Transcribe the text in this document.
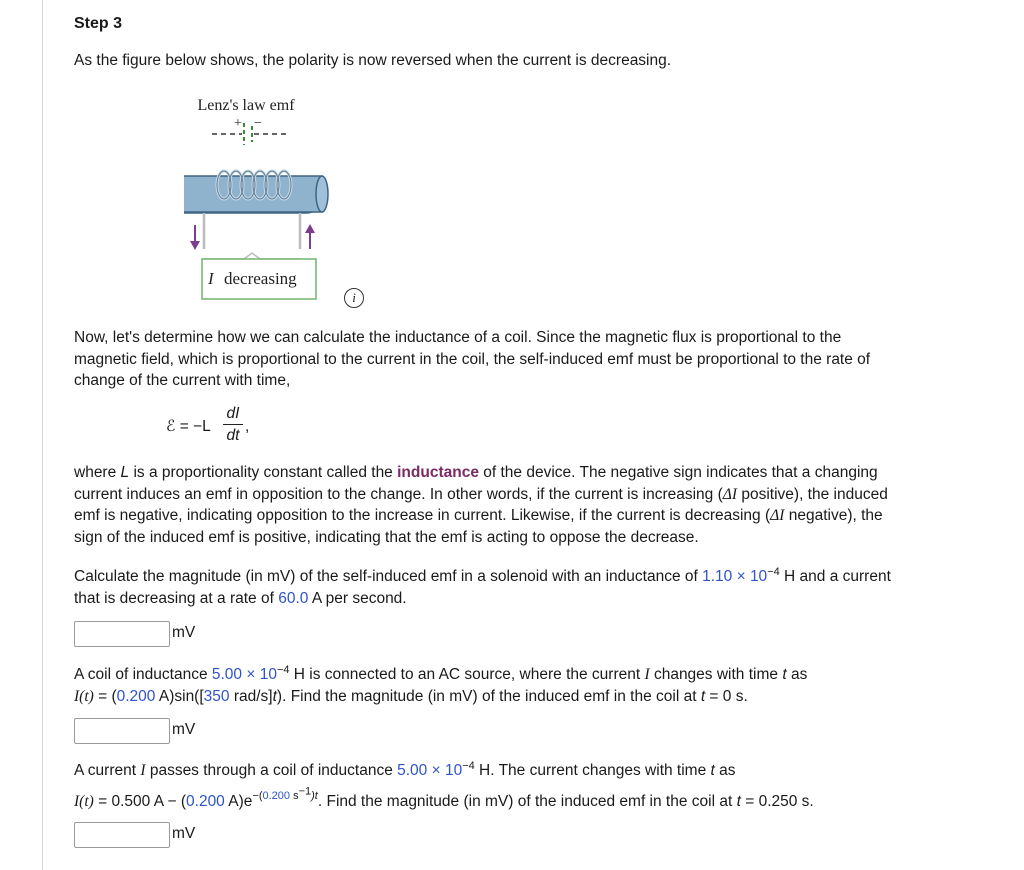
Step 3
As the figure below shows, the polarity is now reversed when the current is decreasing.
Lenz's law emf
+ −
I decreasing
i
Now, let's determine how we can calculate the inductance of a coil. Since the magnetic flux is proportional to the
magnetic field, which is proportional to the current in the coil, the self-induced emf must be proportional to the rate of
change of the current with time,
ℰ = $-L \frac{dI}{dt}$ ,
where L is a proportionality constant called the inductance of the device. The negative sign indicates that a changing
current induces an emf in opposition to the change. In other words, if the current is increasing (ΔI positive), the induced
emf is negative, indicating opposition to the increase in current. Likewise, if the current is decreasing (ΔI negative), the
sign of the induced emf is positive, indicating that the emf is acting to oppose the decrease.
Calculate the magnitude (in mV) of the self-induced emf in a solenoid with an inductance of $1.10 \times 10^{-4}$ H and a current
that is decreasing at a rate of 60.0 A per second.
mV
A coil of inductance $5.00 \times 10^{-4}$ H is connected to an AC source, where the current I changes with time t as
I(t) = (0.200 A)sin([350 rad/s]t). Find the magnitude (in mV) of the induced emf in the coil at t = 0 s.
mV
A current I passes through a coil of inductance $5.00 \times 10^{-4}$ H. The current changes with time t as
I(t) = 0.500 A − (0.200 $A)e^{-(0.200 s^{-1})t}$. Find the magnitude (in mV) of the induced emf in the coil at t = 0.250 s.
mV
